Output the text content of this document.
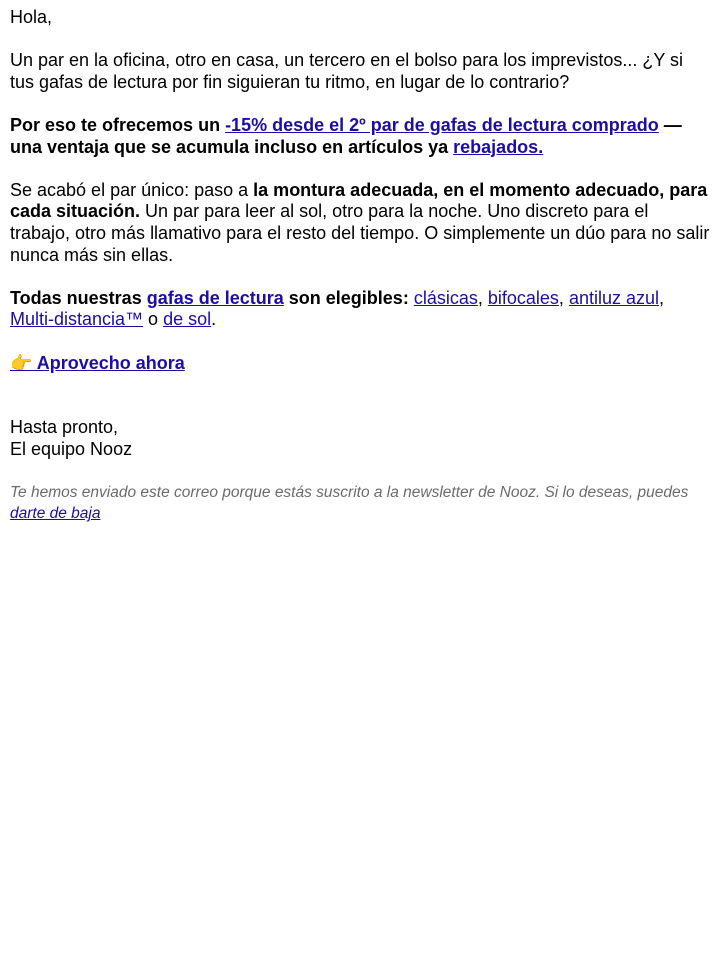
Hola,

Un par en la oficina, otro en casa, un tercero en el bolso para los imprevistos... ¿Y si tus gafas de lectura por fin siguieran tu ritmo, en lugar de lo contrario?

Por eso te ofrecemos un -15% desde el 2º par de gafas de lectura comprado — una ventaja que se acumula incluso en artículos ya rebajados.

Se acabó el par único: paso a la montura adecuada, en el momento adecuado, para cada situación. Un par para leer al sol, otro para la noche. Uno discreto para el trabajo, otro más llamativo para el resto del tiempo. O simplemente un dúo para no salir nunca más sin ellas.

Todas nuestras gafas de lectura son elegibles: clásicas, bifocales, antiluz azul, Multi-distancia™ o de sol.

👉 Aprovecho ahora

Hasta pronto,
El equipo Nooz

Te hemos enviado este correo porque estás suscrito a la newsletter de Nooz. Si lo deseas, puedes darte de baja
